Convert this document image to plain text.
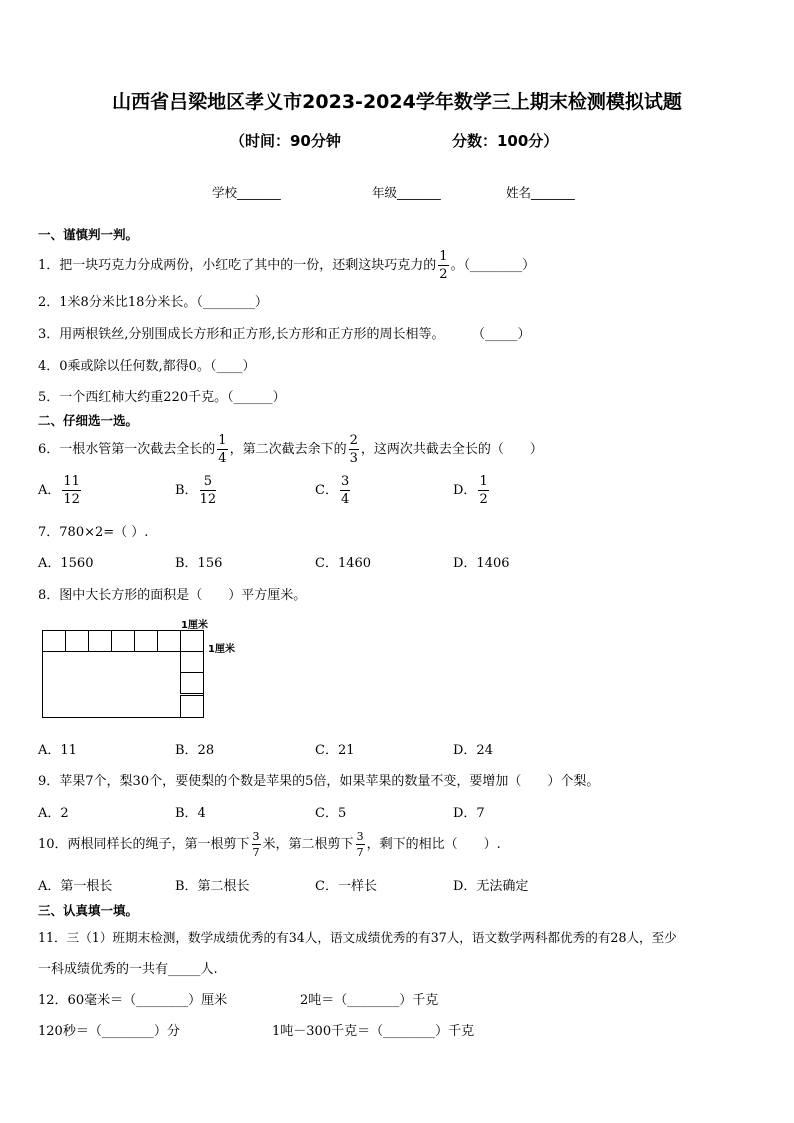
山西省吕梁地区孝义市2023-2024学年数学三上期末检测模拟试题
（时间：90分钟	分数：100分）
学校_______	年级_______	姓名_______
一、谨慎判一判。
1．把一块巧克力分成两份，小红吃了其中的一份，还剩这块巧克力的 $\frac{1}{2}$ 。（________）
2．1米8分米比18分米长。（________）
3．用两根铁丝,分别围成长方形和正方形,长方形和正方形的周长相等。	（_____）
4．0乘或除以任何数,都得0。（____）
5．一个西红柿大约重220千克。（______）
二、仔细选一选。
6．一根水管第一次截去全长的 $\frac{1}{4}$ ，第二次截去余下的 $\frac{2}{3}$ ，这两次共截去全长的（　　）
A． $\frac{11}{12}$	B． $\frac{5}{12}$	C． $\frac{3}{4}$	D． $\frac{1}{2}$
7．780×2=（ ）.
A．1560	B．156	C．1460	D．1406
8．图中大长方形的面积是（　　）平方厘米。
1厘米
1厘米
A．11	B．28	C．21	D．24
9．苹果7个，梨30个，要使梨的个数是苹果的5倍，如果苹果的数量不变，要增加（　　）个梨。
A．2	B．4	C．5	D．7
10．两根同样长的绳子，第一根剪下 $\frac{3}{7}$ 米，第二根剪下 $\frac{3}{7}$ ，剩下的相比（　　）.
A．第一根长	B．第二根长	C．一样长	D．无法确定
三、认真填一填。
11．三（1）班期末检测，数学成绩优秀的有34人，语文成绩优秀的有37人，语文数学两科都优秀的有28人，至少
一科成绩优秀的一共有_____人.
12．60毫米＝（________）厘米	2吨＝（________）千克
120秒＝（________）分	1吨－300千克＝（________）千克
